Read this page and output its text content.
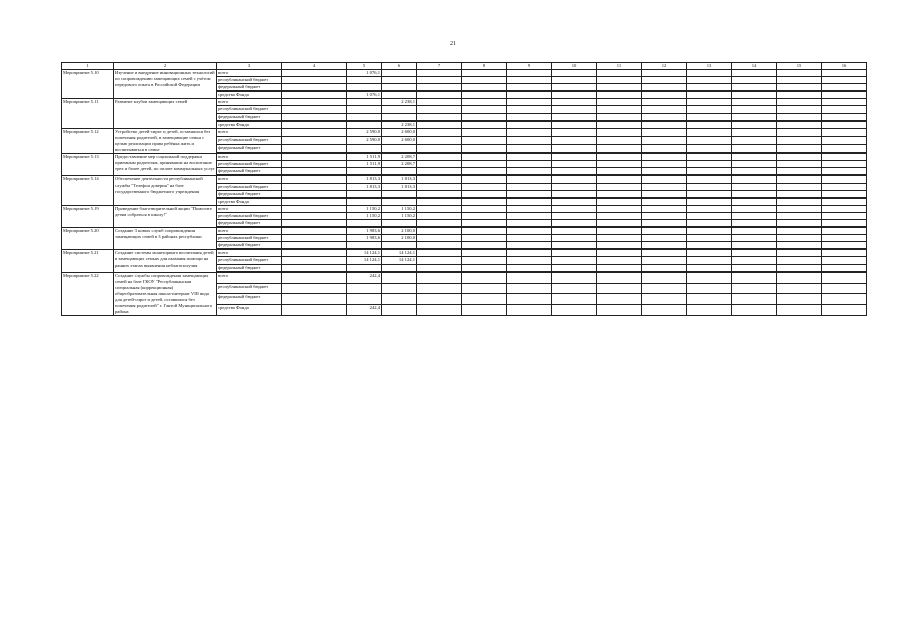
21
1	2	3	4	5	6	7	8	9	10	11	12	13	14	15	16
Мероприятие 5.10	Изучение и внедрение инновационных технологий по сопровождению замещающих семей с учётом передового опыта в Российской Федерации	всего		1 076,1											
		республиканский бюджет													
		федеральный бюджет													

		средства Фонда		1 076,1											
Мероприятие 5.11	Развитие клубов замещающих семей	всего			2 238,1										
		республиканский бюджет													
		федеральный бюджет													

		средства Фонда			2 238,1										
Мероприятие 5.12	Устройство детей-сирот и детей, оставшихся без попечения родителей, в замещающие семьи с целью реализации права ребёнка жить и воспитываться в семье	всего		2 590,0	2 600,0										
		республиканский бюджет		2 590,0	2 600,0										
		федеральный бюджет													

Мероприятие 5.13	Предоставление мер социальной поддержки приемным родителям, принявшим на воспитание трех и более детей, по оплате коммунальных услуг	всего		1 511,9	2 208,7										
		республиканский бюджет		1 511,9	2 208,7										
		федеральный бюджет													

Мероприятие 5.14	Обеспечение деятельности республиканской службы "Телефон доверия" на базе государственного бюджетного учреждения	всего		1 813,3	1 813,3										
		республиканский бюджет		1 813,3	1 813,3										
		федеральный бюджет													

		средства Фонда													
Мероприятие 5.19	Проведение благотворительной акции "Помогите детям собраться в школу!"	всего		1 150,2	1 150,2										
		республиканский бюджет		1 150,2	1 150,2										
		федеральный бюджет													

Мероприятие 5.20	Создание 3 новых служб сопровождения замещающих семей в 3 районах республики	всего		1 983,6	2 100,0										
		республиканский бюджет		1 983,6	2 100,0										
		федеральный бюджет													

Мероприятие 5.21	Создание системы мониторинга воспитания детей в замещающих семьях для оказания помощи на ранних этапах выявления неблагополучия	всего		14 124,1	14 124,1										
		республиканский бюджет		14 124,1	14 124,1										
		федеральный бюджет													

Мероприятие 5.22	Создание службы сопровождения замещающих семей на базе ГКОУ "Республиканская специальная (коррекционная) общеобразовательная школа-интернат VIII вида для детей-сирот и детей, оставшихся без попечения родителей" г. Гантой Муниципального района	всего		242,4											
		республиканский бюджет													
		федеральный бюджет													
		средства Фонда		242,4											
